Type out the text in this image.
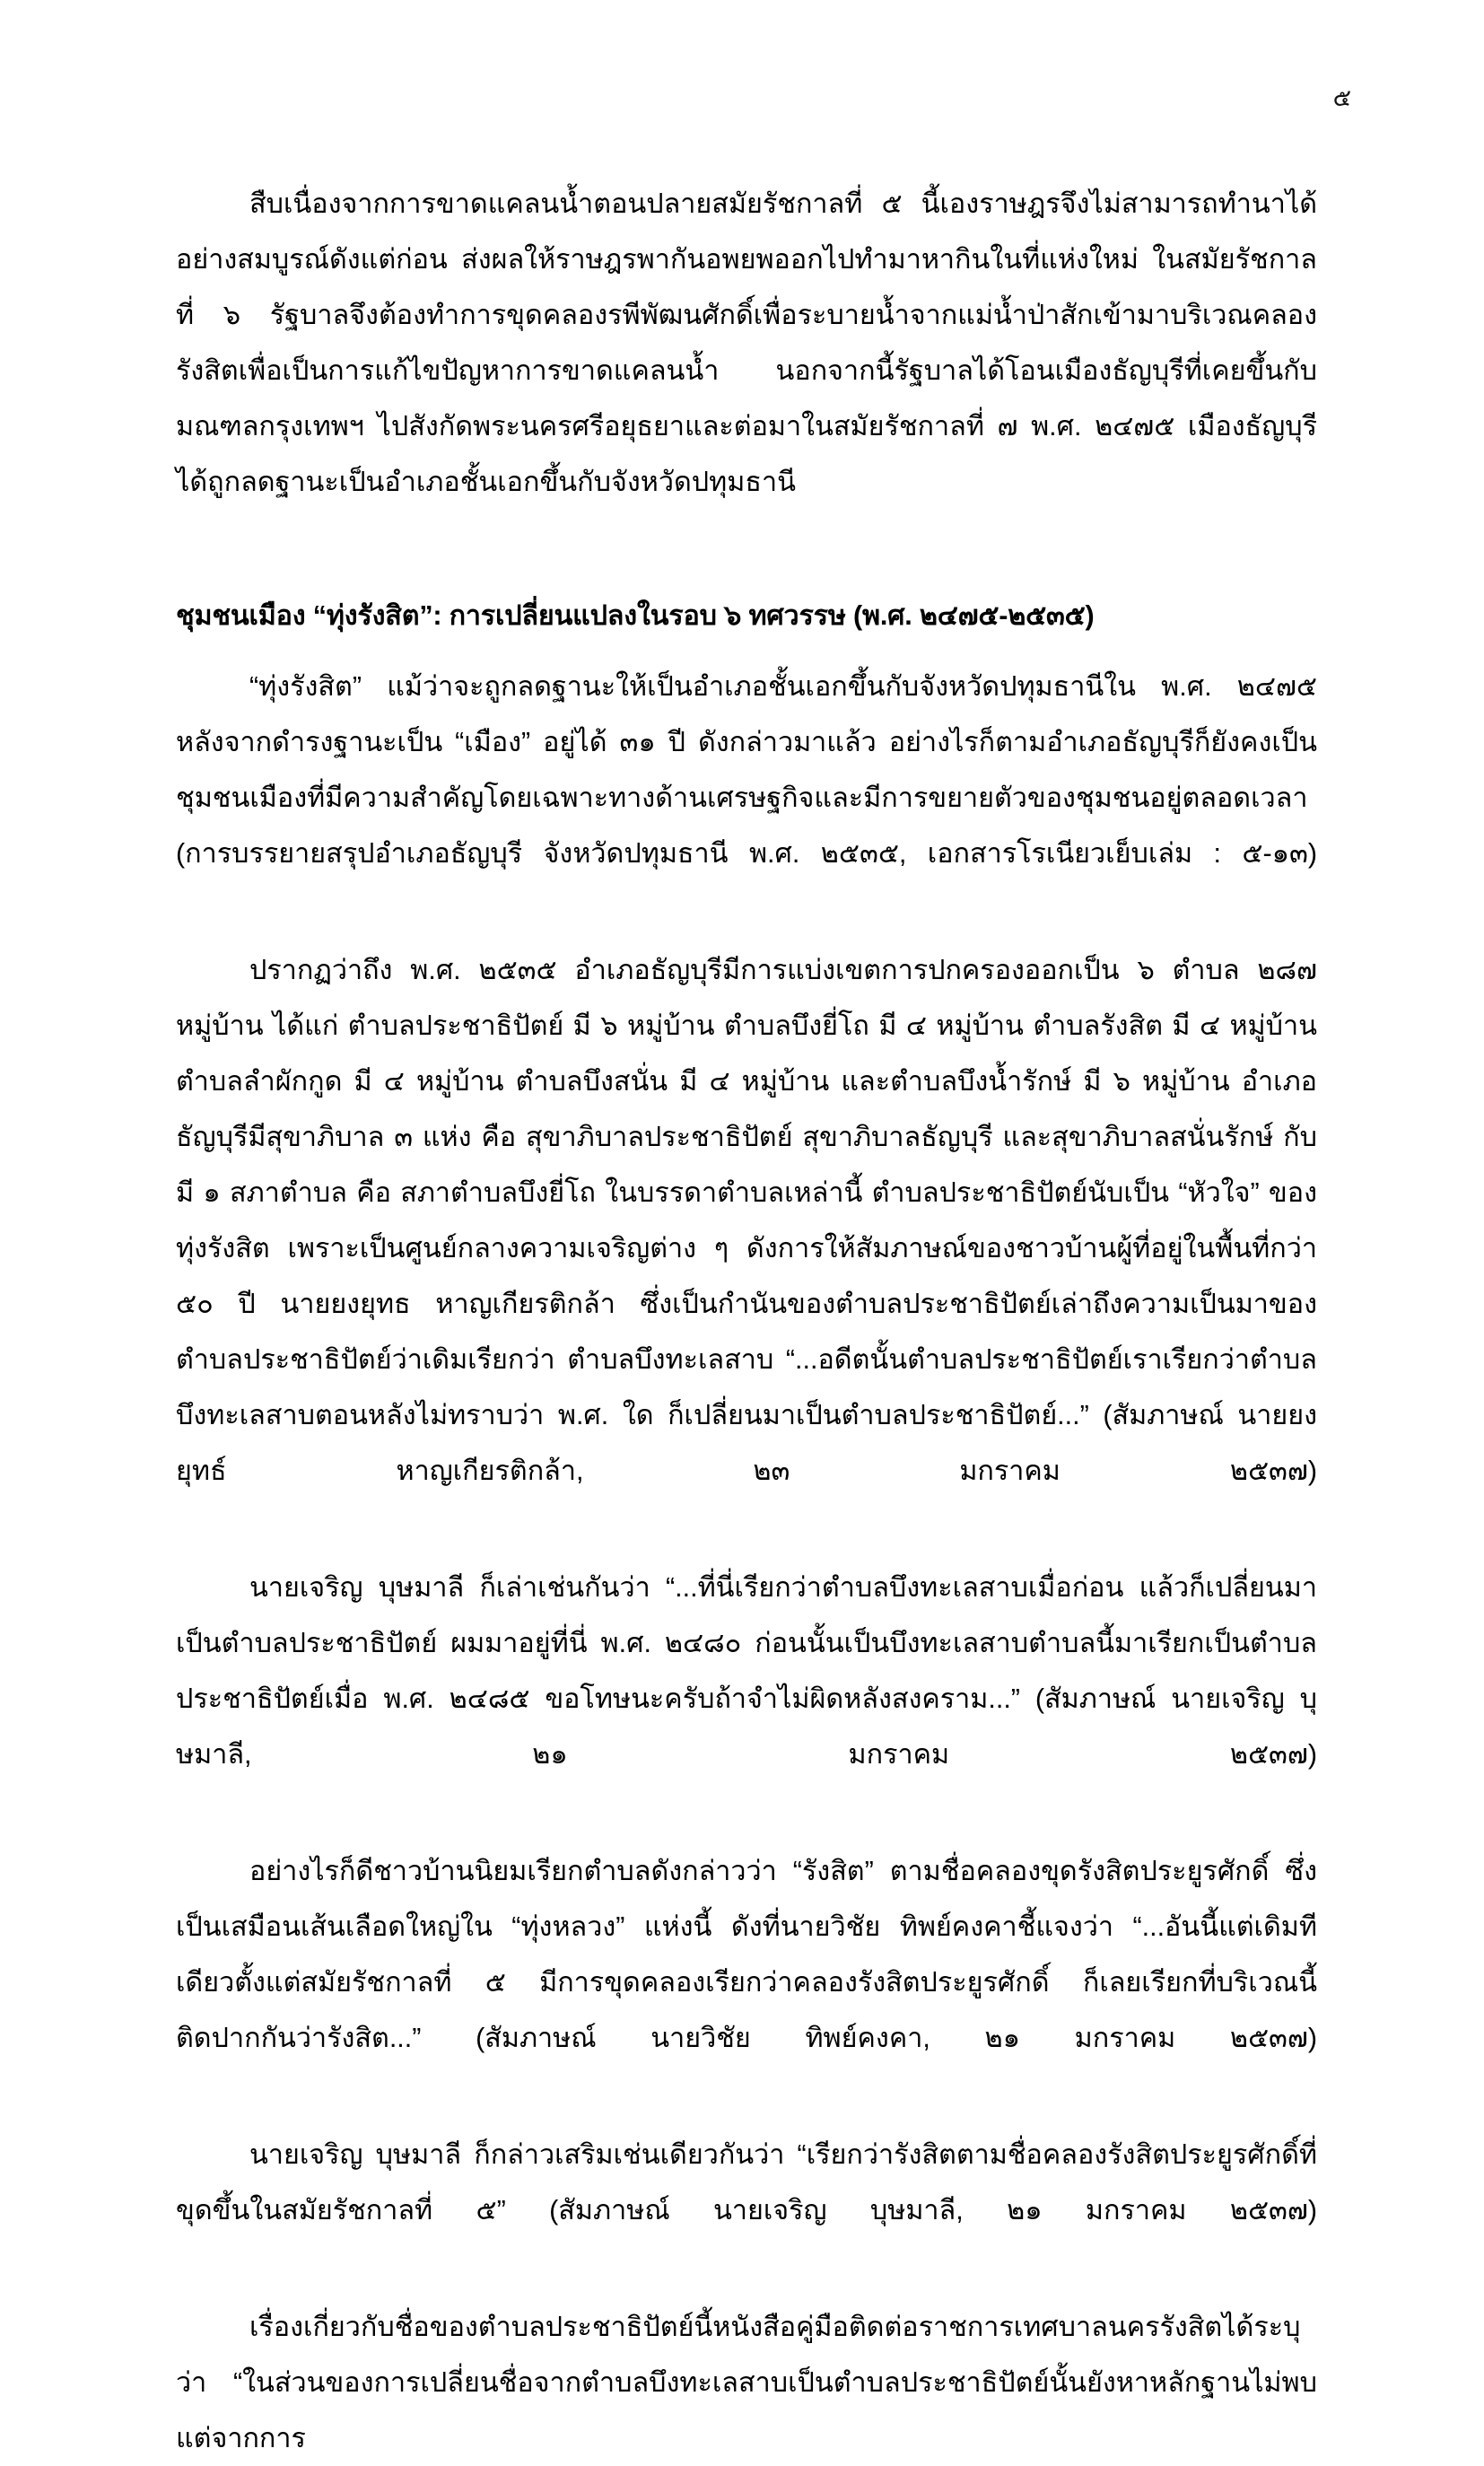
๕

สืบเนื่องจากการขาดแคลนน้ำตอนปลายสมัยรัชกาลที่ ๕ นี้เองราษฎรจึงไม่สามารถทำนาได้อย่างสมบูรณ์ดังแต่ก่อน ส่งผลให้ราษฎรพากันอพยพออกไปทำมาหากินในที่แห่งใหม่ ในสมัยรัชกาลที่ ๖ รัฐบาลจึงต้องทำการขุดคลองรพีพัฒนศักดิ์เพื่อระบายน้ำจากแม่น้ำป่าสักเข้ามาบริเวณคลองรังสิตเพื่อเป็นการแก้ไขปัญหาการขาดแคลนน้ำ นอกจากนี้รัฐบาลได้โอนเมืองธัญบุรีที่เคยขึ้นกับมณฑลกรุงเทพฯ ไปสังกัดพระนครศรีอยุธยาและต่อมาในสมัยรัชกาลที่ ๗ พ.ศ. ๒๔๗๕ เมืองธัญบุรีได้ถูกลดฐานะเป็นอำเภอชั้นเอกขึ้นกับจังหวัดปทุมธานี

ชุมชนเมือง “ทุ่งรังสิต”: การเปลี่ยนแปลงในรอบ ๖ ทศวรรษ (พ.ศ. ๒๔๗๕-๒๕๓๕)

“ทุ่งรังสิต” แม้ว่าจะถูกลดฐานะให้เป็นอำเภอชั้นเอกขึ้นกับจังหวัดปทุมธานีใน พ.ศ. ๒๔๗๕ หลังจากดำรงฐานะเป็น “เมือง” อยู่ได้ ๓๑ ปี ดังกล่าวมาแล้ว อย่างไรก็ตามอำเภอธัญบุรีก็ยังคงเป็นชุมชนเมืองที่มีความสำคัญโดยเฉพาะทางด้านเศรษฐกิจและมีการขยายตัวของชุมชนอยู่ตลอดเวลา (การบรรยายสรุปอำเภอธัญบุรี จังหวัดปทุมธานี พ.ศ. ๒๕๓๕, เอกสารโรเนียวเย็บเล่ม : ๕-๑๓)

ปรากฏว่าถึง พ.ศ. ๒๕๓๕ อำเภอธัญบุรีมีการแบ่งเขตการปกครองออกเป็น ๖ ตำบล ๒๘๗ หมู่บ้าน ได้แก่ ตำบลประชาธิปัตย์ มี ๖ หมู่บ้าน ตำบลบึงยี่โถ มี ๔ หมู่บ้าน ตำบลรังสิต มี ๔ หมู่บ้าน ตำบลลำผักกูด มี ๔ หมู่บ้าน ตำบลบึงสนั่น มี ๔ หมู่บ้าน และตำบลบึงน้ำรักษ์ มี ๖ หมู่บ้าน อำเภอธัญบุรีมีสุขาภิบาล ๓ แห่ง คือ สุขาภิบาลประชาธิปัตย์ สุขาภิบาลธัญบุรี และสุขาภิบาลสนั่นรักษ์ กับมี ๑ สภาตำบล คือ สภาตำบลบึงยี่โถ ในบรรดาตำบลเหล่านี้ ตำบลประชาธิปัตย์นับเป็น “หัวใจ” ของทุ่งรังสิต เพราะเป็นศูนย์กลางความเจริญต่าง ๆ ดังการให้สัมภาษณ์ของชาวบ้านผู้ที่อยู่ในพื้นที่กว่า ๕๐ ปี นายยงยุทธ หาญเกียรติกล้า ซึ่งเป็นกำนันของตำบลประชาธิปัตย์เล่าถึงความเป็นมาของตำบลประชาธิปัตย์ว่าเดิมเรียกว่า ตำบลบึงทะเลสาบ “...อดีตนั้นตำบลประชาธิปัตย์เราเรียกว่าตำบลบึงทะเลสาบตอนหลังไม่ทราบว่า พ.ศ. ใด ก็เปลี่ยนมาเป็นตำบลประชาธิปัตย์...” (สัมภาษณ์ นายยงยุทธ์ หาญเกียรติกล้า, ๒๓ มกราคม ๒๕๓๗)

นายเจริญ บุษมาลี ก็เล่าเช่นกันว่า “...ที่นี่เรียกว่าตำบลบึงทะเลสาบเมื่อก่อน แล้วก็เปลี่ยนมาเป็นตำบลประชาธิปัตย์ ผมมาอยู่ที่นี่ พ.ศ. ๒๔๘๐ ก่อนนั้นเป็นบึงทะเลสาบตำบลนี้มาเรียกเป็นตำบลประชาธิปัตย์เมื่อ พ.ศ. ๒๔๘๕ ขอโทษนะครับถ้าจำไม่ผิดหลังสงคราม...” (สัมภาษณ์ นายเจริญ บุษมาลี, ๒๑ มกราคม ๒๕๓๗)

อย่างไรก็ดีชาวบ้านนิยมเรียกตำบลดังกล่าวว่า “รังสิต” ตามชื่อคลองขุดรังสิตประยูรศักดิ์ ซึ่งเป็นเสมือนเส้นเลือดใหญ่ใน “ทุ่งหลวง” แห่งนี้ ดังที่นายวิชัย ทิพย์คงคาชี้แจงว่า “...อันนี้แต่เดิมทีเดียวตั้งแต่สมัยรัชกาลที่ ๕ มีการขุดคลองเรียกว่าคลองรังสิตประยูรศักดิ์ ก็เลยเรียกที่บริเวณนี้ติดปากกันว่ารังสิต...” (สัมภาษณ์ นายวิชัย ทิพย์คงคา, ๒๑ มกราคม ๒๕๓๗)

นายเจริญ บุษมาลี ก็กล่าวเสริมเช่นเดียวกันว่า “เรียกว่ารังสิตตามชื่อคลองรังสิตประยูรศักดิ์ที่ขุดขึ้นในสมัยรัชกาลที่ ๕” (สัมภาษณ์ นายเจริญ บุษมาลี, ๒๑ มกราคม ๒๕๓๗)

เรื่องเกี่ยวกับชื่อของตำบลประชาธิปัตย์นี้หนังสือคู่มือติดต่อราชการเทศบาลนครรังสิตได้ระบุว่า “ในส่วนของการเปลี่ยนชื่อจากตำบลบึงทะเลสาบเป็นตำบลประชาธิปัตย์นั้นยังหาหลักฐานไม่พบ แต่จากการ
